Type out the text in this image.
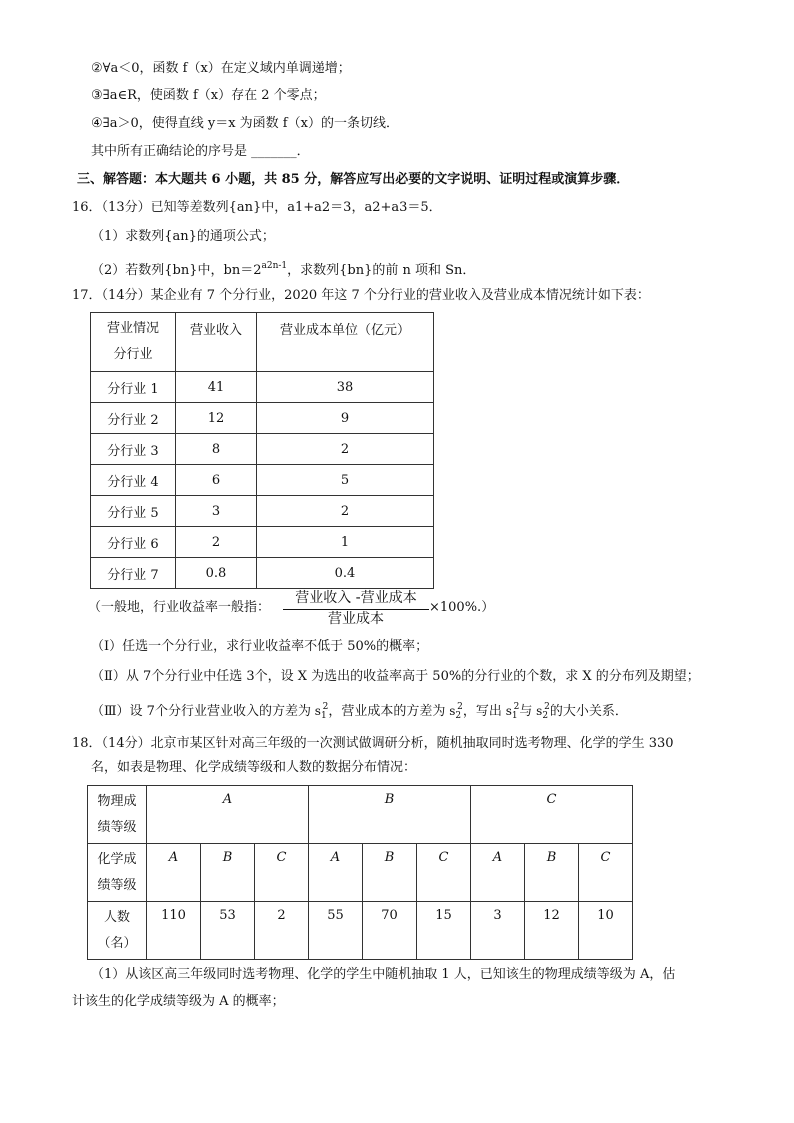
②∀a＜0，函数 f（x）在定义域内单调递增；
③∃a∈R，使函数 f（x）存在 2 个零点；
④∃a＞0，使得直线 y＝x 为函数 f（x）的一条切线．
其中所有正确结论的序号是 _______．
三、解答题：本大题共 6 小题，共 85 分，解答应写出必要的文字说明、证明过程或演算步骤．
16．（13分）已知等差数列{an}中，a1+a2＝3，a2+a3＝5．
（1）求数列{an}的通项公式；
（2）若数列{bn}中，$bn=2^{a2n-1}$，求数列{bn}的前 n 项和 Sn．
17．（14分）某企业有 7 个分行业，2020 年这 7 个分行业的营业收入及营业成本情况统计如下表：
营业情况
分行业	营业收入	营业成本单位（亿元）
分行业 1	41	38
分行业 2	12	9
分行业 3	8	2
分行业 4	6	5
分行业 5	3	2
分行业 6	2	1
分行业 7	0.8	0.4
（一般地，行业收益率一般指：
营业收入 -营业成本
营业成本
×100%.）
（Ⅰ）任选一个分行业，求行业收益率不低于 50%的概率；
（Ⅱ）从 7个分行业中任选 3个，设 X 为选出的收益率高于 50%的分行业的个数，求 X 的分布列及期望；
（Ⅲ）设 7个分行业营业收入的方差为 $s_1^2$，营业成本的方差为 $s_2^2$，写出 $s_1^2$与 $s_2^2$的大小关系．
18．（14分）北京市某区针对高三年级的一次测试做调研分析，随机抽取同时选考物理、化学的学生 330
名，如表是物理、化学成绩等级和人数的数据分布情况：
物理成
绩等级	A			B			C		

化学成
绩等级	A	B	C	A	B	C	A	B	C

人数
（名）	110	53	2	55	70	15	3	12	10
（1）从该区高三年级同时选考物理、化学的学生中随机抽取 1 人，已知该生的物理成绩等级为 A，估
计该生的化学成绩等级为 A 的概率；
